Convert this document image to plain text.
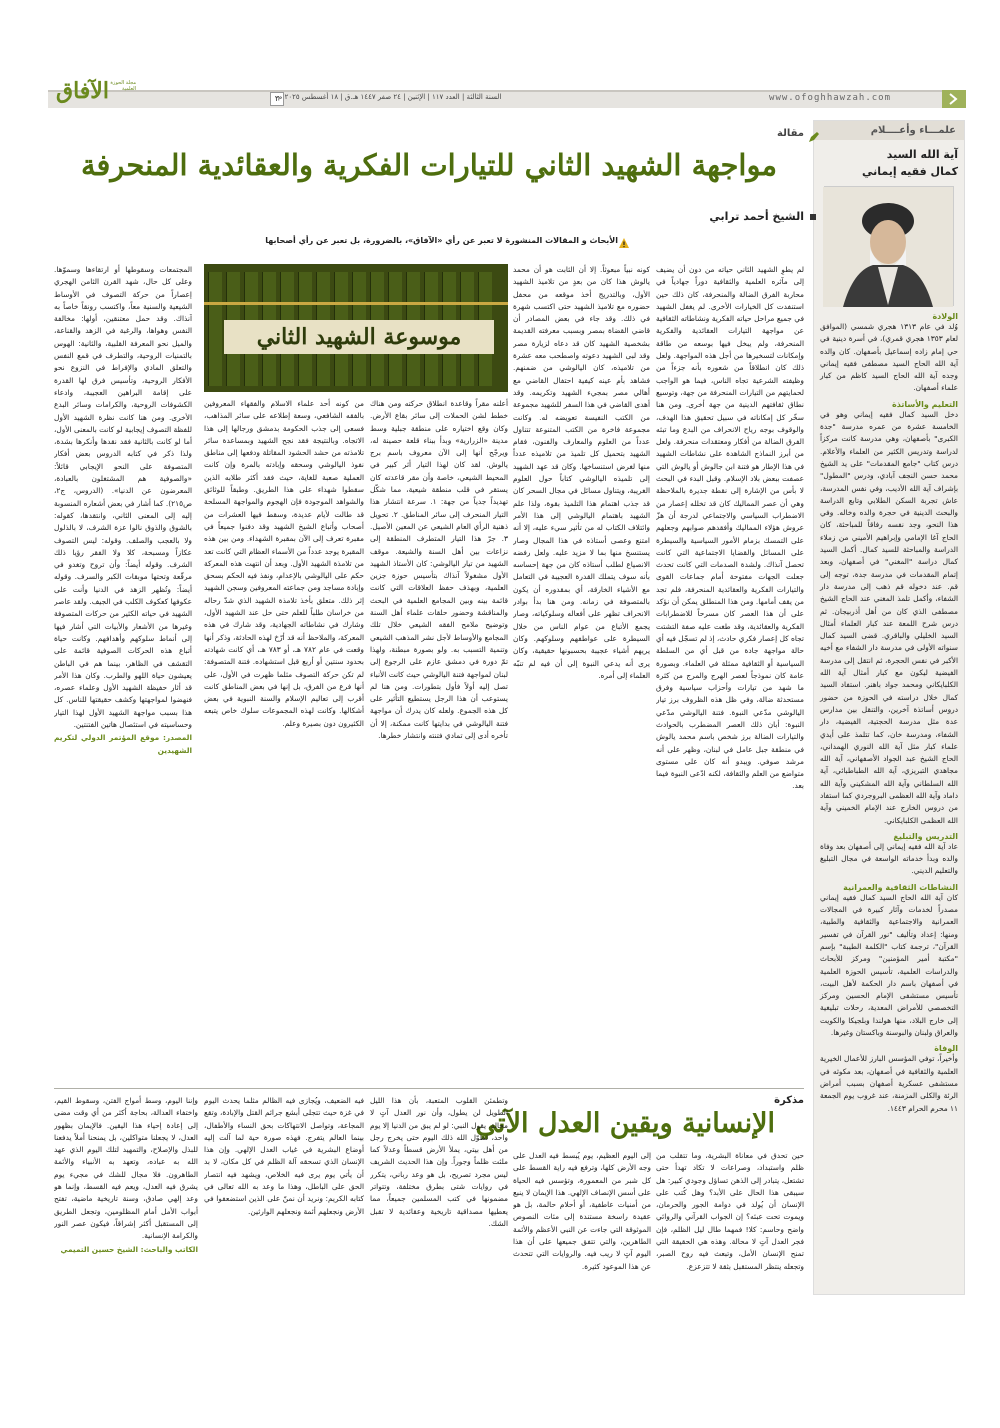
الآفاق مجلة الحوزة العلمية
٣
السنة الثالثة | العدد ١١٧ | الإثنين | ٢٤ صفر ١٤٤٧ هـ.ق | ١٨ أغسطس ٢٠٢٥ م	www.ofoghhawzah.com
علمـــاء وأعــــلام
آية الله السيد
كمال فقيه إيماني
الولادة
وُلد في عام ١٣١٣ هجري شمسي (الموافق لعام ١٣٥٣ هجري قمري)، في أسرة دينية في حي إمام زاده إسماعيل بأصفهان. كان والده آية الله الحاج السيد مصطفى فقيه إيماني وجده آية الله الحاج السيد كاظم من كبار علماء أصفهان.
التعليم والأساتذة
دخل السيد كمال فقيه إيماني وهو في الخامسة عشرة من عمره مدرسة "جدة الكبرى" بأصفهان، وهي مدرسة كانت مركزاً لدراسة وتدريس الكثير من العلماء والأعلام. درس كتاب "جامع المقدمات" على يد الشيخ محمد حسن النجف آبادي، ودرس "المطول" بإشراف آية الله الأديب، وفي نفس المدرسة، عاش تجربة السكن الطلابي وتابع الدراسة والبحث الدينية في حجرة والده وخاله. وفي هذا النحو، وجد نفسه رفاقاً للمباحثة، كان الحاج آغا الإمامي وإبراهيم الأميني من زملاء الدراسة والمباحثة للسيد كمال. أكمل السيد كمال دراسة "المغني" في أصفهان، وبعد إتمام المقدمات في مدرسة جدة، توجه إلى قم. عند دخوله قم ذهب إلى مدرسة دار الشفاء، وأكمل تلمذ المغني عند الحاج الشيخ مصطفى الذي كان من أهل أذربيجان. ثم درس شرح اللمعة عند كبار العلماء أمثال السيد الخليلي والباقري. قضى السيد كمال سنواته الأولى في مدرسة دار الشفاء مع أخيه الأكبر في نفس الحجرة، ثم انتقل إلى مدرسة الفيضية ليكون مع كبار أمثال آية الله الكلبايكاني ومحمد جواد باهنر. استفاد السيد كمال خلال دراسته في الحوزة من حضور دروس أساتذة آخرين، والتنقل بين مدارس عدة مثل مدرسة الحجتية، الفيضية، دار الشفاء، ومدرسة خان، كما تتلمذ على أيدي علماء كبار مثل آية الله النوري الهمداني، الحاج الشيخ عبد الجواد الأصفهاني، آية الله مجاهدي التبريزي، آية الله الطباطبائي، آية الله السلطاني وآية الله المشكيني وآية الله داماد وآية الله العظمى البروجردي كما استفاد من دروس الخارج عند الإمام الخميني وآية الله العظمى الكلبايكاني.
التدريس والتبليغ
عاد آية الله فقيه إيماني إلى أصفهان بعد وفاة والده وبدأ خدماته الواسعة في مجال التبليغ والتعليم الديني.
النشاطات الثقافية والعمرانية
كان آية الله الحاج السيد كمال فقيه إيماني مصدراً لخدمات وآثار كبيرة في المجالات العمرانية والاجتماعية والثقافية والطبية، ومنها: إعداد وتأليف "نور القرآن في تفسير القرآن"، ترجمة كتاب "الكلمة الطيبة" بإسم "مكتبة أمير المؤمنين" ومركز للأبحاث والدراسات العلمية، تأسيس الحوزة العلمية في أصفهان باسم دار الحكمة لأهل البيت، تأسيس مستشفى الإمام الحسين ومركز التخصصي للأمراض المعدية، رحلات تبليغية إلى خارج البلاد، منها هولندا وبلجيكا والكويت والعراق ولبنان والبوسنة وباكستان وغيرها.
الوفاة
وأخيراً، توفي المؤسس البارز للأعمال الخيرية العلمية والثقافية في أصفهان، بعد مكوثه في مستشفى عسكرية أصفهان بسبب أمراض الرئة والكلى المزمنة، عند غروب يوم الجمعة ١١ محرم الحرام ١٤٤٣.
مقالة
مواجهة الشهيد الثاني للتيارات الفكرية والعقائدية المنحرفة
الشيخ أحمد ترابي
الأبحاث و المقالات المنشورة لا تعبر عن رأي «الآفاق»، بالضرورة، بل تعبر عن رأي أصحابها

لم يطوِ الشهيد الثاني حياته من دون أن يضيف إلى مآثره العلمية والثقافية دوراً جهادياً في محاربة الفرق الضالة والمنحرفة، كان ذلك حين استنفدت كل الخيارات الأخرى. لم يغفل الشهيد في جميع مراحل حياته الفكرية ونشاطاته الثقافية عن مواجهة التيارات العقائدية والفكرية المنحرفة، ولم يبخل فيها بوسعه من طاقة وإمكانات لتسخيرها من أجل هذه المواجهة. ولعل ذلك كان انطلاقاً من شعوره بأنه جزءاً من وظيفته الشرعية تجاه الناس، فيما هو الواجب لحمايتهم من التيارات المنحرفة من جهة، وتوسيع نطاق ثقافتهم الدينية من جهة أخرى. ومن هنا سخّر كل إمكاناته في سبيل تحقيق هذا الهدف، والوقوف بوجه رياح الانحراف من البدع وما تبثه الفرق الضالة من أفكار ومعتقدات منحرفة. ولعل من أبرز النماذج الشاهدة على نشاطات الشهيد في هذا الإطار هو فتنة ابن جالوش أو يالوش التي عصفت ببعض بلاد الإسلام. وقبل البدء في البحث لا بأس من الإشارة إلى نقطة جديرة بالملاحظة وهي أن عصر المماليك كان قد تخلله إعصار من الاضطراب السياسي والاجتماعي لدرجة أن هزّ عروش هؤلاء المماليك وأفقدهم صوابهم وجعلهم على التمسك بزمام الأمور السياسية والسيطرة على المسائل والقضايا الاجتماعية التي كانت تحصل آنذاك. ولشدة الصدمات التي كانت تحدث جعلت الجهات مفتوحة أمام جماعات القوى والتيارات الفكرية والعقائدية المنحرفة، فلم تجد من يقف أمامها. ومن هذا المنطلق يمكن أن نؤكد على أن هذا العصر كان مسرحاً للاضطرابات الفكرية والعقائدية، وقد طغت عليه صفة التشتت تجاه كل إعصار فكري حادث، إذ لم تسجّل فيه أي حالة مواجهة جادة من قبل أي من السلطة السياسية أو الثقافية ممثلة في العلماء. وبصورة عامة كان نموذجاً لعصر الهرج والمرج من كثرة ما شهد من تيارات وأحزاب سياسية وفرق مستحدثة ضالة، وفي ظل هذه الظروف برز تيار اليالوشي مدّعي النبوة. فتنة اليالوشي مدّعي النبوة: أبان ذلك العصر المضطرب بالحوادث والتيارات الضالة برز شخص باسم محمد يالوش في منطقة جبل عامل في لبنان، وظهر على أنه مرشد صوفي. ويبدو أنه كان على مستوى متواضع من العلم والثقافة، لكنه ادّعى النبوة فيما بعد.

كونه نبياً مبعوثاً. إلا أن الثابت هو أن محمد يالوش هذا كان من بعدٍ من تلاميذ الشهيد الأول، وبالتدريج أخذ موقعه من محفل حضوره مع تلاميذ الشهيد حتى اكتسب شهرة في ذلك. وقد جاء في بعض المصادر أن قاضي القضاة بمصر وبسبب معرفته القديمة بشخصية الشهيد كان قد دعاه لزيارة مصر وقد لبى الشهيد دعوته واصطحب معه عشرة من تلاميذه، كان اليالوشي من ضمنهم. فشاهد بأم عينه كيفية احتفال القاضي مع أهالي مصر بمجيء الشهيد وتكريمه. وقد أهدى القاضي في هذا السفر للشهيد مجموعة من الكتب النفيسة تعويضه له. وكانت مجموعة فاخرة من الكتب المتنوعة تتناول عدداً من العلوم والمعارف والفنون، فقام الشهيد بتحميل كل تلميذ من تلاميذه عدداً منها لغرض استنساخها. وكان قد عهد الشهيد إلى تلميذه اليالوشي كتاباً حول العلوم الغريبة، ويتناول مسائل في مجال السحر كان قد جذب اهتمام هذا التلميذ بقوة، ولذا علم الشهيد باهتمام اليالوشي إلى هذا الأمر وائتلاف الكتاب له من تأثير سيء عليه، إلا أنه امتنع وعصى أستاذه في هذا المجال وصار يستنسخ منها بما لا مزيد عليه. ولعل رفضه الانصياع لطلب أستاذه كان من جهة إحساسه بأنه سوف يتملك القدرة العجيبة في التعامل مع الأشياء الخارقة، أي بمقدوره أن يكون بالمتصوفة في زمانه. ومن هنا بدأ بوادر الانحراف تظهر على أفعاله وسلوكياته، وصار يجمع الأتباع من عوام الناس من خلال السيطرة على عواطفهم وسلوكهم. وكان يريهم أشياء عجيبة بحسبونها حقيقية، وكان يرى أنه يدعي النبوة إلى أن فيه لم تنبّه العلماء إلى أمره.

موسوعة الشهيد الثاني

أعلنه مقراً وقاعدة انطلاق حركته ومن هناك خطط لشن الحملات إلى سائر بقاع الأرض. وكان وقع اختياره على منطقة جبلية وسط مدينة «الزرارية» وبدأ ببناء قلعة حصينة له، ويرجّح أنها إلى الآن معروف باسم برج يالوش. لقد كان لهذا التيار أثر كبير في المحيط الشيعي، خاصة وأن مقر قاعدته كان يستقر في قلب منطقة شيعية، مما شكّل تهديداً جدياً من جهة: ١. سرعة انتشار هذا التيار المنحرف إلى سائر المناطق. ٢. تحويل ذهنية الرأي العام الشيعي عن المعين الأصيل. ٣. جرّ هذا التيار المتطرف المنطقة إلى نزاعات بين أهل السنة والشيعة. موقف الشهيد من تيار اليالوشي: كان الأستاذ الشهيد الأول مشغولاً آنذاك بتأسيس حوزة جزين العلمية، وبهذف حفظ العلاقات التي كانت قائمة بينه وبين المجامع العلمية في البحث والمناقشة وحضور حلقات علماء أهل السنة وتوضيح ملامح الفقه الشيعي خلال تلك المجامع والأوساط لأجل نشر المذهب الشيعي وتنمية التسبب به. ولو بصورة مبطنة، ولهذا تمّ دورة في دمشق عازم على الرجوع إلى لبنان لمواجهة فتنة اليالوشي حيث كانت الأنباء تصل إليه أولاً فأول بتطورات. ومن هنا لم يستوعب أن هذا الرجل يستطيع التأثير على كل هذه الجموع. ولعله كان يدرك أن مواجهة فتنة اليالوشي في بدايتها كانت ممكنة، إلا أن تأخره أدى إلى تمادي فتنته وانتشار خطرها.

من كونه أحد علماء الاسلام والفقهاء المعروفين بالفقه الشافعي، وسعة إطلاعه على سائر المذاهب، فسعى إلى جذب الحكومة بدمشق ورجالها إلى هذا الاتجاه. وبالنتيجة فقد نجح الشهيد وبمساعدة سائر تلامذته من حشد الحشود المقاتلة ودفعها إلى مناطق نفوذ اليالوشي وسحقه وإبادته بالمرة وإن كانت العملية صعبة للغاية، حيث فقد أكثر طلابه الذين سقطوا شهداء على هذا الطريق. وطبقاً للوثائق والشواهد الموجودة فإن الهجوم والمواجهة المسلحة قد طالت لأيام عديدة، وسقط فيها العشرات من أصحاب وأتباع الشيخ الشهيد وقد دفنوا جميعاً في مقبرة تعرف إلى الآن بمقبرة الشهداء. ومن بين هذه المقبرة يوجد عدداً من الأسماء العظام التي كانت تعد من تلامذة الشهيد الأول. وبعد أن انتهت هذه المعركة حكم على اليالوشي بالإعدام، ونفذ فيه الحكم بسحق وإبادة مساجد ومن جماعته المعروفين وسجن الشهيد إثر ذلك. متعلق بأخذ تلامذة الشهيد الذي شدّ رحاله من خراسان طلباً للعلم حتى حل عند الشهيد الأول، وشارك في نشاطاته الجهادية، وقد شارك في هذه المعركة، والملاحظ أنه قد أرّخ لهذه الحادثة، وذكر أنها وقعت في عام ٧٨٢ هـ، أو ٧٨٣ هـ، أي كانت شهادته بحدود سنتين أو أربع قبل استشهاده. فتنة المتصوفة: لم تكن حركة التصوف مثلما ظهرت في الأول، على أنها فرع من الفرق، بل إنها في بعض المناطق كانت أقرب إلى تعاليم الإسلام والسنة النبوية في بعض أشكالها. وكانت لهذه المجموعات سلوك خاص يتبعه الكثيرون دون بصيرة وعلم.

المجتمعات وسقوطها أو ارتقاءها وسموّها. وعلى كل حال، شهد القرن الثامن الهجري إعصاراً من حركة التصوف في الأوساط الشيعية والسنية معاً، واكتسب رونقاً خاصاً به آنذاك. وقد حمل معتنقين، أولها: مخالفة النفس وهواها، والرغبة في الزهد والقناعة، والميل نحو المعرفة القلبية، والثانية: الهوس بالتمنيات الروحية، والتطرف في قمع النفس والتعلق المادي والإفراط في النزوع نحو الأفكار الروحية، وتأسيس فرق لها القدرة على إقامة البراهين العجيبة، وادعاء الكشوفات الروحية، والكرامات وسائر البدع الأخرى. ومن هنا كانت نظرة الشهيد الأول للفظة التصوف إيجابية لو كانت بالمعنى الأول، أما لو كانت بالثانية فقد نقدها وأنكرها بشدة، ولذا ذكر في كتابه الدروس بعض أفكار المتصوفة على النحو الإيجابي قائلاً: «والصوفية هم المشتغلون بالعبادة، المعرضون عن الدنيا». (الدروس، ج٢، ص٢١٥). كما أشار في بعض أشعاره المنسوبة إليه إلى المعنى الثاني، وانتقدها، كقوله: بالشوق والذوق نالوا عزة الشرف، لا بالذلول ولا بالعجب والصلف. وقوله: ليس التصوف عكازاً ومسبحة، كلا ولا الفقر رؤيا ذلك الشرف. وقوله أيضاً: وأن تروح وتغدو في مرقّعة وتحتها موبقات الكبر والسرف. وقوله أيضاً: وتُظهر الزهد في الدنيا وأنت على عكوفها كعكوف الكلب في الجيف. ولقد عاصر الشهيد في حياته الكثير من حركات المتصوفة وغيرها من الأشعار والأبيات التي أشار فيها إلى أنماط سلوكهم وأهدافهم. وكانت حياة أتباع هذه الحركات الصوفية قائمة على التقشف في الظاهر، بينما هم في الباطن يعيشون حياة اللهو والطرب. وكان هذا الأمر قد أثار حفيظة الشهيد الأول وعلماء عصره، فنهضوا لمواجهتها وكشف حقيقتها للناس. كل هذا بسبب مواجهة الشهيد الأول لهذا التيار وحساسيته في استئصال هاتين الفتنتين.

المصدر: موقع المؤتمر الدولي لتكريم الشهيدين

مذكرة
الإنسانية ويقين العدل الآتي

حين تحدق في معاناة البشرية، وما تتقلب من ظلم واستبداد، وصراعات لا تكاد تهدأ حتى تشتعل، يتبادر إلى الذهن تساؤل وجودي كبير: هل سيبقى هذا الحال على الأبد؟ وهل كُتب على الإنسان أن يُولد في دوامة الجور والحرمان، ويموت تحت عبئه؟ إن الجواب القرآني والروائي واضح وحاسم: كلا! فمهما طال ليل الظلم، فإن فجر العدل آتٍ لا محالة. وهذه هي الحقيقة التي تمنح الإنسان الأمل، وتبعث فيه روح الصبر، وتجعله ينتظر المستقبل بثقة لا تتزعزع.

إلى اليوم العظيم، يوم يُبسط فيه العدل على وجه الأرض كلها، وترفع فيه راية القسط على كل شبر من المعمورة، وتؤسس فيه الحياة على أسس الإنصاف الإلهي. هذا الإيمان لا ينبع من أمنيات عاطفية، أو أحلام حالمة، بل هو عقيدة راسخة مستندة إلى مئات النصوص الموثوقة التي جاءت عن النبي الأعظم والأئمة الطاهرين، والتي تتفق جميعها على أن هذا اليوم آتٍ لا ريب فيه. والروايات التي تتحدث عن هذا الموعود كثيرة.

وتطمئن القلوب المتعبة، بأن هذا الليل الطويل لن يطول، وأن نور العدل آتٍ لا محالة. يقول النبي: لو لم يبق من الدنيا إلا يوم واحد، لطوّل الله ذلك اليوم حتى يخرج رجل من أهل بيتي، يملأ الأرض قسطاً وعدلاً كما ملئت ظلماً وجوراً. وإن هذا الحديث الشريف ليس مجرد تصريح، بل هو وعد رباني، يتكرر في روايات شتى بطرق مختلفة، وتتواتر مضمونها في كتب المسلمين جميعاً، مما يعطيها مصداقية تاريخية وعقائدية لا تقبل الشك.

فيه الضعيف، ويُجازى فيه الظالم مثلما يحدث اليوم في غزة حيث تتجلى أبشع جرائم القتل والإبادة، وتقع المجاعة، وتواصل الانتهاكات بحق النساء والأطفال، بينما العالم يتفرج. فهذه صورة حية لما آلت إليه أوضاع البشرية في غياب العدل الإلهي. وإن هذا الإنسان الذي تسحقه آلة الظلم في كل مكان، لا بد أن يأتي يوم يرى فيه الخلاص، ويشهد فيه انتصار الحق على الباطل، وهذا ما وعد به الله تعالى في كتابه الكريم: ونريد أن نمنّ على الذين استضعفوا في الأرض ونجعلهم أئمة ونجعلهم الوارثين.

وإننا اليوم، وسط أمواج الفتن، وسقوط القيم، واختفاء العدالة، بحاجة أكثر من أي وقت مضى إلى إعادة إحياء هذا اليقين. فالإيمان بظهور العدل، لا يجعلنا متواكلين، بل يمنحنا أملاً يدفعنا للبذل والإصلاح، والتمهيد لتلك اليوم الذي عهد الله به عباده، وتعهد به الأنبياء والأئمة الطاهرون. فلا مجال للشك في مجيء يوم يشرق فيه العدل، ويعم فيه القسط، وإنما هو وعد إلهي صادق، وسنة تاريخية ماضية، تفتح أبواب الأمل أمام المظلومين، وتجعل الطريق إلى المستقبل أكثر إشراقاً، فيكون عصر النور والكرامة الإنسانية.

الكاتب والباحث: الشيخ حسين التميمي
